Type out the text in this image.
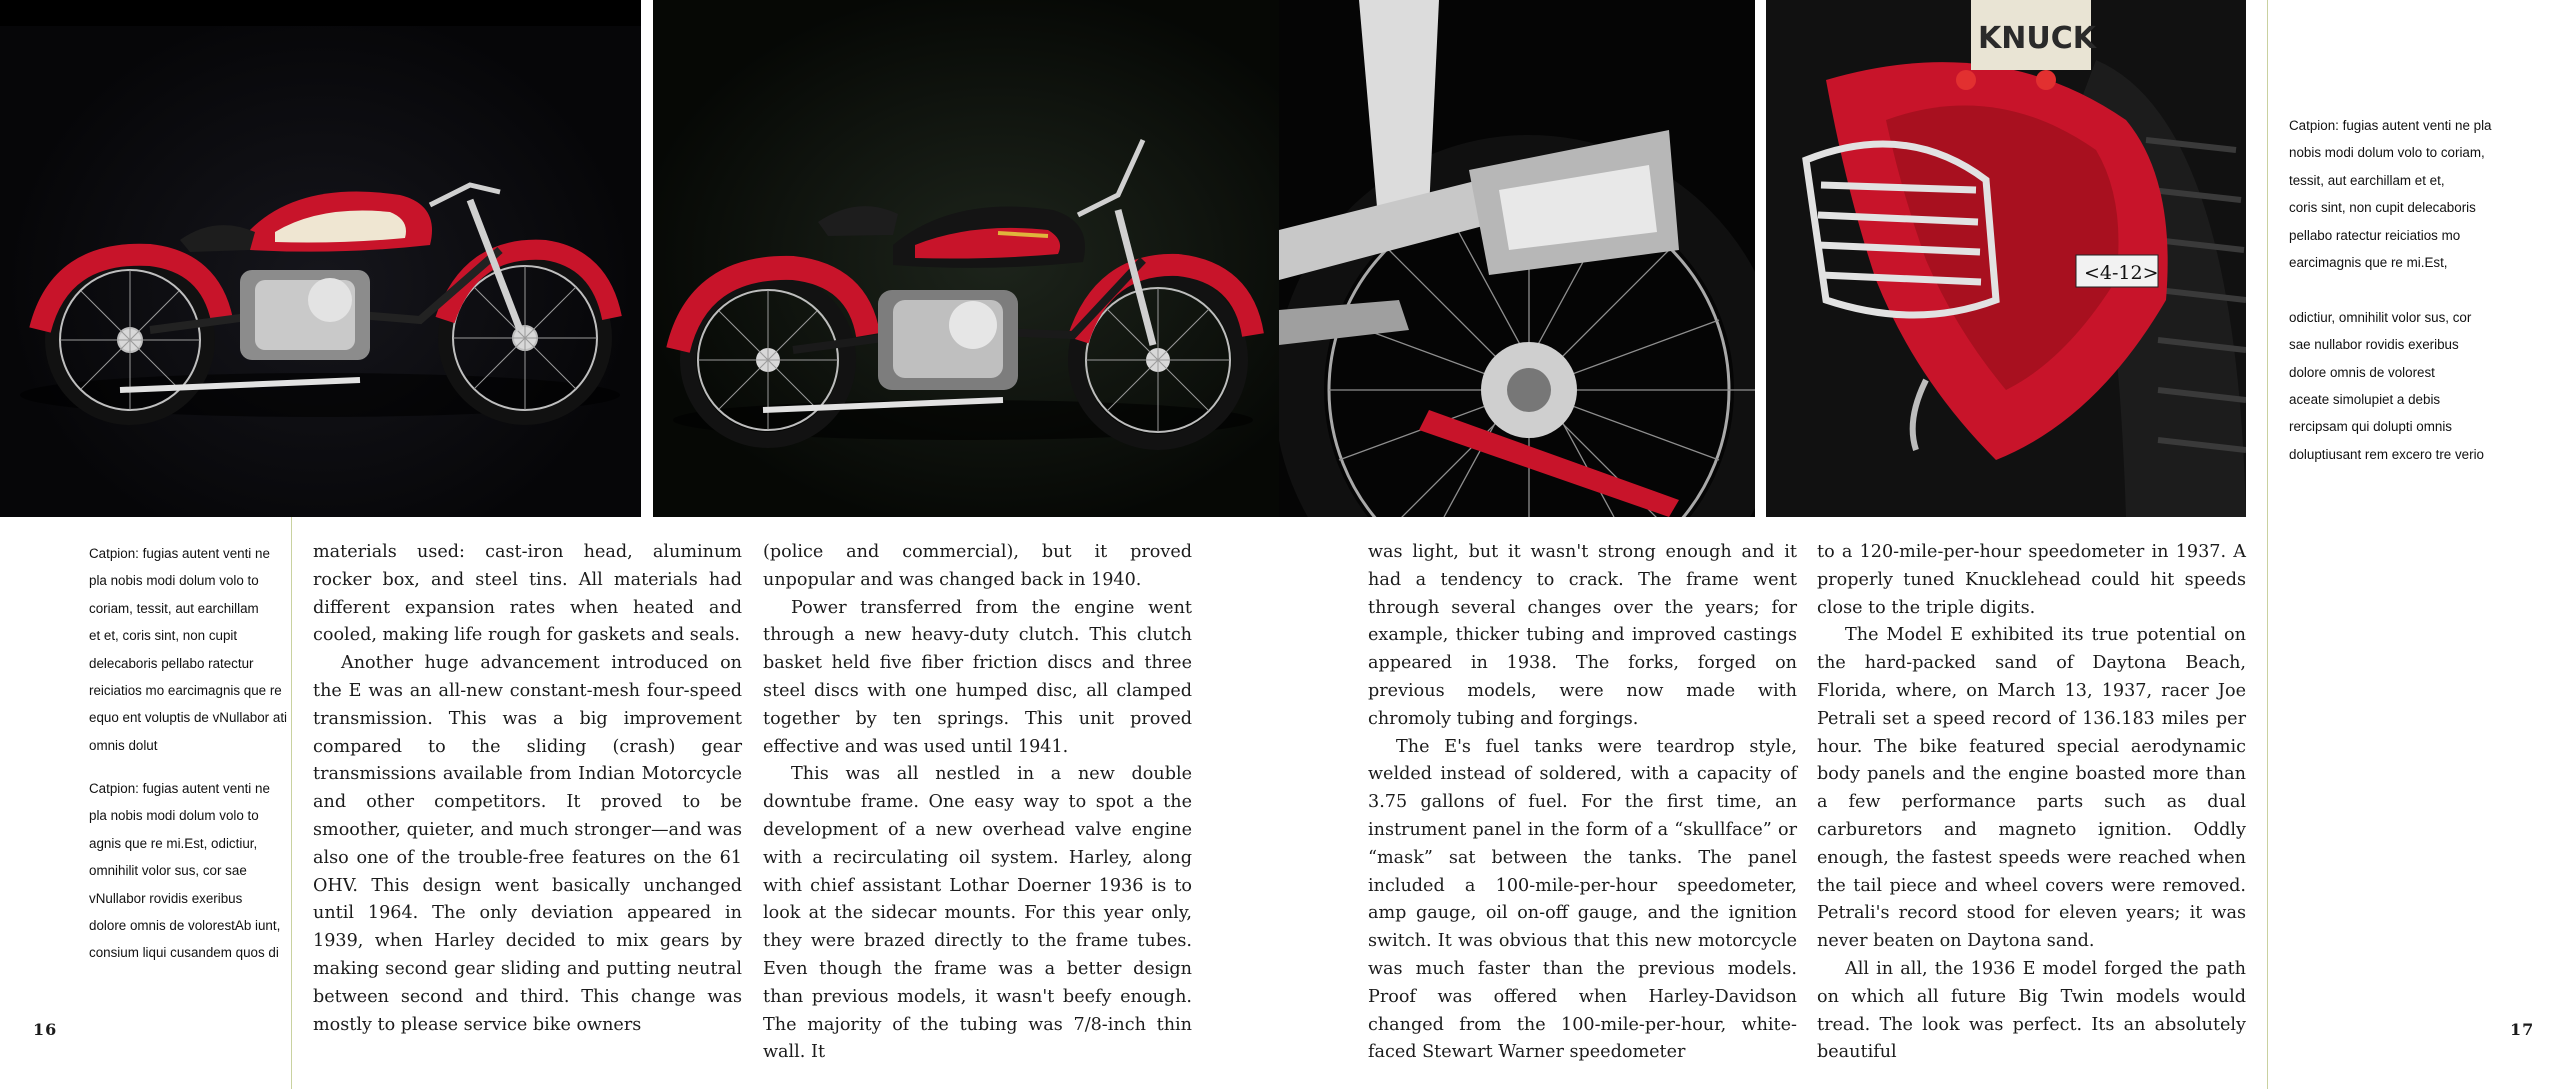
KNUCK
<4-12>
Catpion: fugias autent venti ne
pla nobis modi dolum volo to
coriam, tessit, aut earchillam
et et, coris sint, non cupit
delecaboris pellabo ratectur
reiciatios mo earcimagnis que re
equo ent voluptis de vNullabor ati
omnis dolut
Catpion: fugias autent venti ne
pla nobis modi dolum volo to
agnis que re mi.Est, odictiur,
omnihilit volor sus, cor sae
vNullabor rovidis exeribus
dolore omnis de volorestAb iunt,
consium liqui cusandem quos di
Catpion: fugias autent venti ne pla
nobis modi dolum volo to coriam,
tessit, aut earchillam et et,
coris sint, non cupit delecaboris
pellabo ratectur reiciatios mo
earcimagnis que re mi.Est,

odictiur, omnihilit volor sus, cor
sae nullabor rovidis exeribus
dolore omnis de volorest
aceate simolupiet a debis
rercipsam qui dolupti omnis
doluptiusant rem excero tre verio

materials used: cast-iron head, aluminum rocker box, and steel tins. All materials had different expansion rates when heated and cooled, making life rough for gaskets and seals.

Another huge advancement introduced on the E was an all-new constant-mesh four-speed transmission. This was a big improvement compared to the sliding (crash) gear transmissions available from Indian Motorcycle and other competitors. It proved to be smoother, quieter, and much stronger—and was also one of the trouble-free features on the 61 OHV. This design went basically unchanged until 1964. The only deviation appeared in 1939, when Harley decided to mix gears by making second gear sliding and putting neutral between second and third. This change was mostly to please service bike owners

(police and commercial), but it proved unpopular and was changed back in 1940.

Power transferred from the engine went through a new heavy-duty clutch. This clutch basket held five fiber friction discs and three steel discs with one humped disc, all clamped together by ten springs. This unit proved effective and was used until 1941.

This was all nestled in a new double downtube frame. One easy way to spot a the development of a new overhead valve engine with a recirculating oil system. Harley, along with chief assistant Lothar Doerner 1936 is to look at the sidecar mounts. For this year only, they were brazed directly to the frame tubes. Even though the frame was a better design than previous models, it wasn't beefy enough. The majority of the tubing was 7/8-inch thin wall. It

was light, but it wasn't strong enough and it had a tendency to crack. The frame went through several changes over the years; for example, thicker tubing and improved castings appeared in 1938. The forks, forged on previous models, were now made with chromoly tubing and forgings.

The E's fuel tanks were teardrop style, welded instead of soldered, with a capacity of 3.75 gallons of fuel. For the first time, an instrument panel in the form of a “skullface” or “mask” sat between the tanks. The panel included a 100-mile-per-hour speedometer, amp gauge, oil on-off gauge, and the ignition switch. It was obvious that this new motorcycle was much faster than the previous models. Proof was offered when Harley-Davidson changed from the 100-mile-per-hour, white-faced Stewart Warner speedometer

to a 120-mile-per-hour speedometer in 1937. A properly tuned Knucklehead could hit speeds close to the triple digits.

The Model E exhibited its true potential on the hard-packed sand of Daytona Beach, Florida, where, on March 13, 1937, racer Joe Petrali set a speed record of 136.183 miles per hour. The bike featured special aerodynamic body panels and the engine boasted more than a few performance parts such as dual carburetors and magneto ignition. Oddly enough, the fastest speeds were reached when the tail piece and wheel covers were removed. Petrali's record stood for eleven years; it was never beaten on Daytona sand.

All in all, the 1936 E model forged the path on which all future Big Twin models would tread. The look was perfect. Its an absolutely beautiful

16	17
